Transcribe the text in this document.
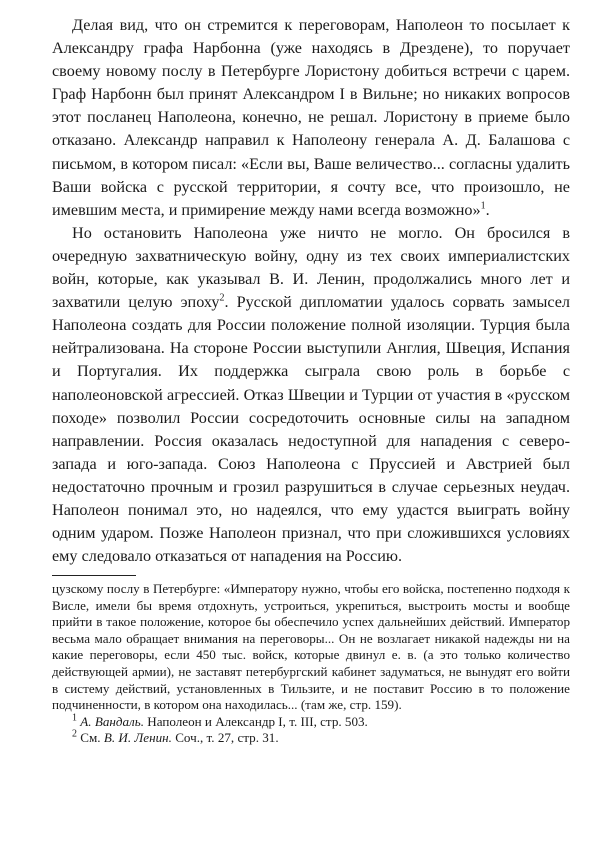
Делая вид, что он стремится к переговорам, Наполеон то посылает к Александру графа Нарбонна (уже находясь в Дрездене), то поручает своему новому послу в Петербурге Лористону добиться встречи с царем. Граф Нарбонн был принят Александром I в Вильне; но никаких вопросов этот посланец Наполеона, конечно, не решал. Лористону в приеме было отказано. Александр направил к Наполеону генерала А. Д. Балашова с письмом, в котором писал: «Если вы, Ваше величество... согласны удалить Ваши войска с русской территории, я сочту все, что произошло, не имевшим места, и примирение между нами всегда возможно»$^1$.

Но остановить Наполеона уже ничто не могло. Он бросился в очередную захватническую войну, одну из тех своих империалистских войн, которые, как указывал В. И. Ленин, продолжались много лет и захватили целую эпоху$^2$. Русской дипломатии удалось сорвать замысел Наполеона создать для России положение полной изоляции. Турция была нейтрализована. На стороне России выступили Англия, Швеция, Испания и Португалия. Их поддержка сыграла свою роль в борьбе с наполеоновской агрессией. Отказ Швеции и Турции от участия в «русском походе» позволил России сосредоточить основные силы на западном направлении. Россия оказалась недоступной для нападения с северо-запада и юго-запада. Союз Наполеона с Пруссией и Австрией был недостаточно прочным и грозил разрушиться в случае серьезных неудач. Наполеон понимал это, но надеялся, что ему удастся выиграть войну одним ударом. Позже Наполеон признал, что при сложившихся условиях ему следовало отказаться от нападения на Россию.

цузскому послу в Петербурге: «Императору нужно, чтобы его войска, постепенно подходя к Висле, имели бы время отдохнуть, устроиться, укрепиться, выстроить мосты и вообще прийти в такое положение, которое бы обеспечило успех дальнейших действий. Император весьма мало обращает внимания на переговоры... Он не возлагает никакой надежды ни на какие переговоры, если 450 тыс. войск, которые двинул е. в. (а это только количество действующей армии), не заставят петербургский кабинет задуматься, не вынудят его войти в систему действий, установленных в Тильзите, и не поставит Россию в то положение подчиненности, в котором она находилась... (там же, стр. 159).

$^1$ А. Вандаль. Наполеон и Александр I, т. III, стр. 503.

$^2$ См. В. И. Ленин. Соч., т. 27, стр. 31.
